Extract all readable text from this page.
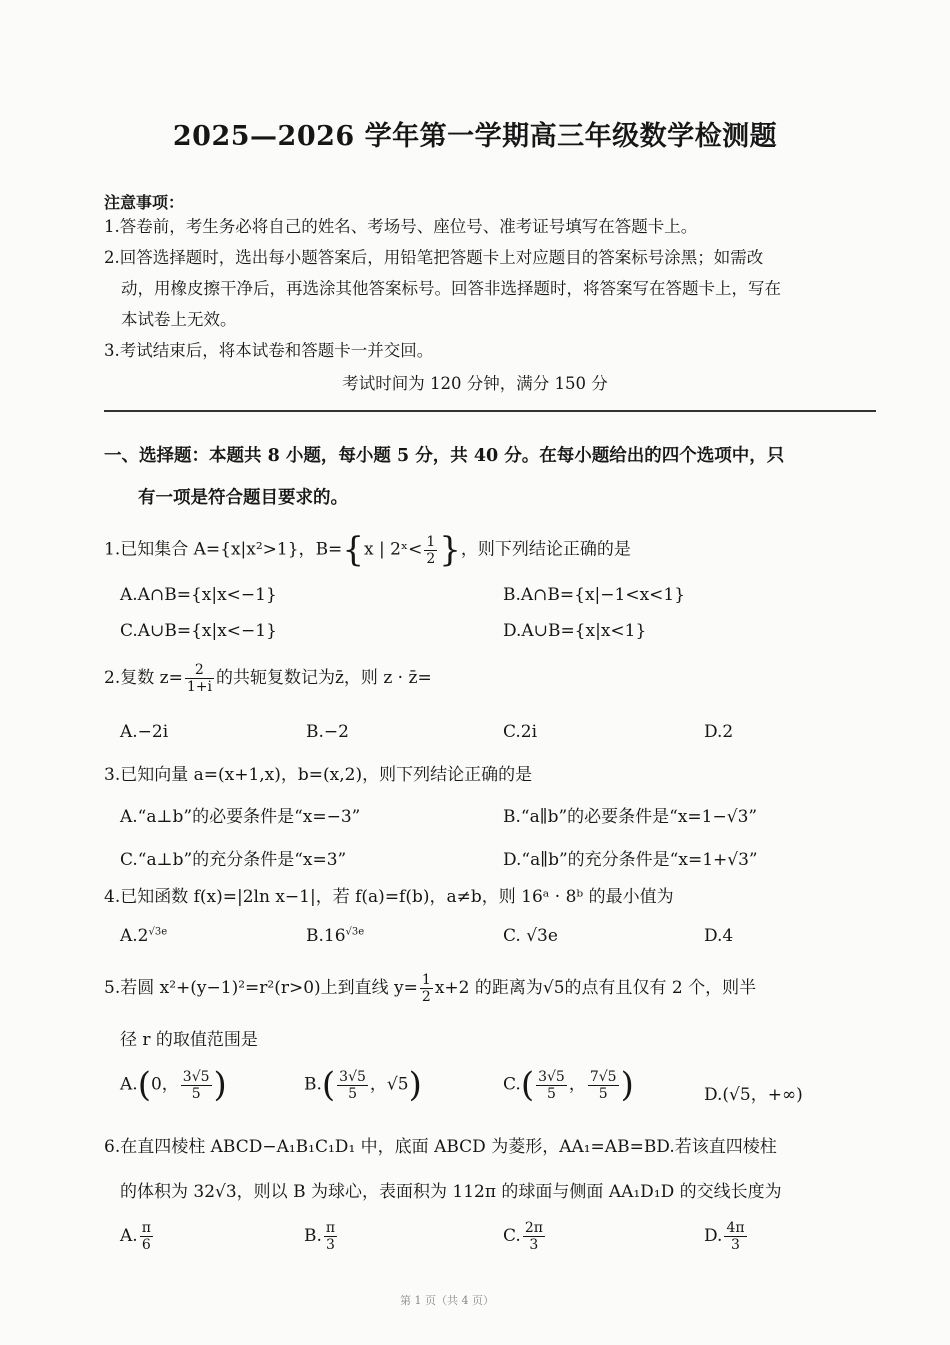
2025—2026 学年第一学期高三年级数学检测题
注意事项：
1.答卷前，考生务必将自己的姓名、考场号、座位号、准考证号填写在答题卡上。
2.回答选择题时，选出每小题答案后，用铅笔把答题卡上对应题目的答案标号涂黑；如需改
动，用橡皮擦干净后，再选涂其他答案标号。回答非选择题时，将答案写在答题卡上，写在
本试卷上无效。
3.考试结束后，将本试卷和答题卡一并交回。
考试时间为 120 分钟，满分 150 分
一、选择题：本题共 8 小题，每小题 5 分，共 40 分。在每小题给出的四个选项中，只
有一项是符合题目要求的。
1.已知集合 A={x|x²>1}，B={x | 2ˣ< $\frac{1}{2}$ }，则下列结论正确的是
A.A∩B={x|x<−1}	B.A∩B={x|−1<x<1}
C.A∪B={x|x<−1}	D.A∪B={x|x<1}
2.复数 $z= \frac{2}{1+i}$ 的共轭复数记为z̄，则 z · z̄=
A.−2i	B.−2	C.2i	D.2
3.已知向量 a=(x+1,x)，b=(x,2)，则下列结论正确的是
A.“a⊥b”的必要条件是“x=−3”	B.“a∥b”的必要条件是“x=1−√3”
C.“a⊥b”的充分条件是“x=3”	D.“a∥b”的充分条件是“x=1+√3”
4.已知函数 f(x)=|2ln x−1|，若 f(a)=f(b)，a≠b，则 16ᵃ · 8ᵇ 的最小值为
$A.2^{√3e}$	$B.16^{√3e}$	C. √3e	D.4
5.若圆 x²+(y−1)²=r²(r>0)上到直线 $y= \frac{1}{2} x+2$ 的距离为√5的点有且仅有 2 个，则半
径 r 的取值范围是
A.(0， $\frac{3√5}{5}$ )	$B.( \frac{3√5}{5}$ ，√5)	$C.( \frac{3√5}{5}$ ， $\frac{7√5}{5}$ )	D.(√5，+∞)
6.在直四棱柱 ABCD−A₁B₁C₁D₁ 中，底面 ABCD 为菱形，AA₁=AB=BD.若该直四棱柱
的体积为 32√3，则以 B 为球心，表面积为 112π 的球面与侧面 AA₁D₁D 的交线长度为
A. $\frac{\pi}{6}$	B. $\frac{\pi}{3}$	C. $\frac{2\pi}{3}$	D. $\frac{4\pi}{3}$
第 1 页（共 4 页）
